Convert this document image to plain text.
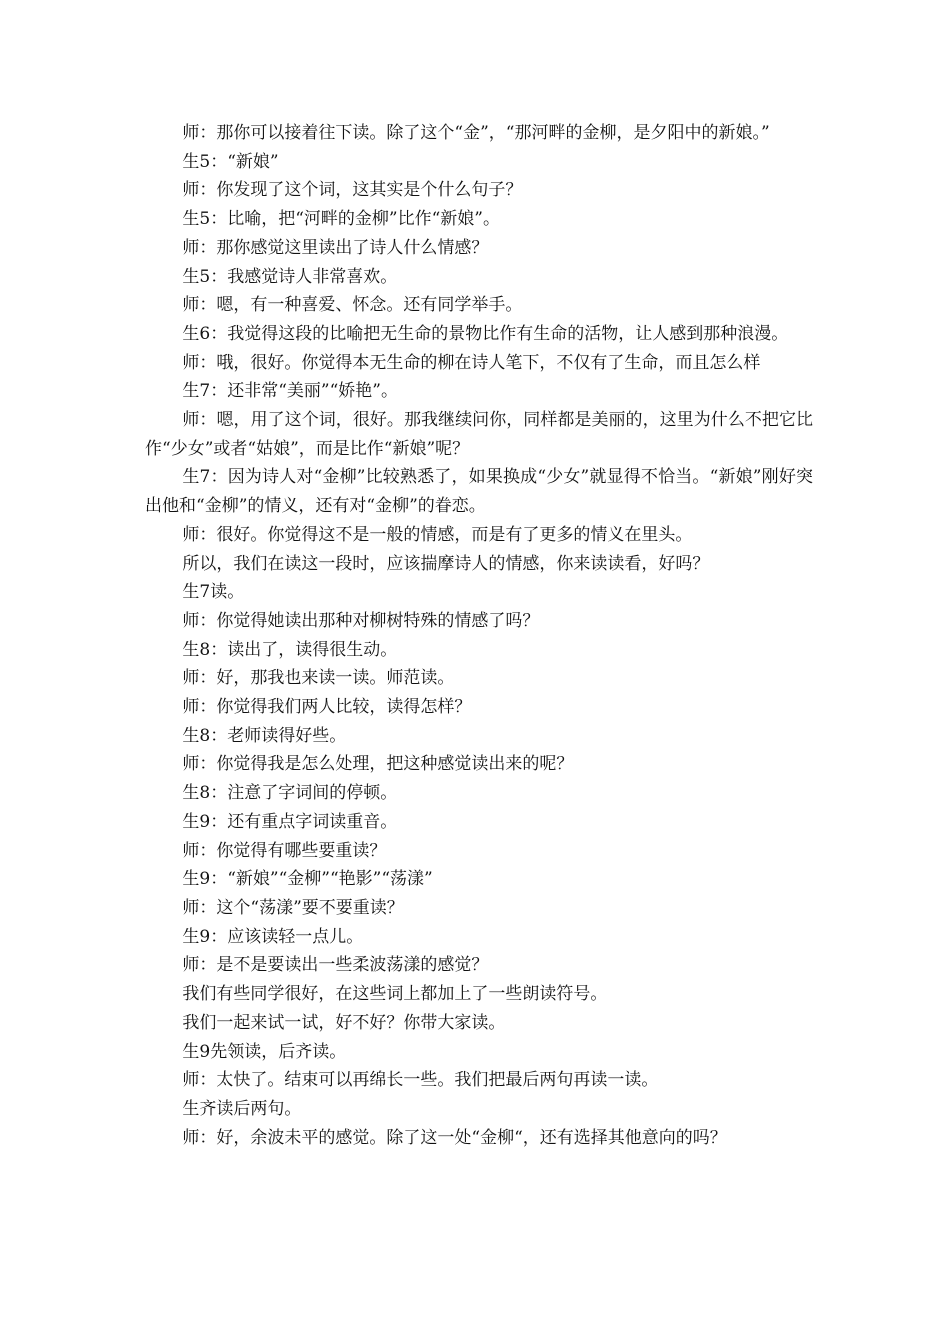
师：那你可以接着往下读。除了这个“金”，“那河畔的金柳，是夕阳中的新娘。”

生5：“新娘”

师：你发现了这个词，这其实是个什么句子？

生5：比喻，把“河畔的金柳”比作“新娘”。

师：那你感觉这里读出了诗人什么情感？

生5：我感觉诗人非常喜欢。

师：嗯，有一种喜爱、怀念。还有同学举手。

生6：我觉得这段的比喻把无生命的景物比作有生命的活物，让人感到那种浪漫。

师：哦，很好。你觉得本无生命的柳在诗人笔下，不仅有了生命，而且怎么样

生7：还非常“美丽”“娇艳”。

师：嗯，用了这个词，很好。那我继续问你，同样都是美丽的，这里为什么不把它比作“少女”或者“姑娘”，而是比作“新娘”呢？

生7：因为诗人对“金柳”比较熟悉了，如果换成“少女”就显得不恰当。“新娘”刚好突出他和“金柳”的情义，还有对“金柳”的眷恋。

师：很好。你觉得这不是一般的情感，而是有了更多的情义在里头。

所以，我们在读这一段时，应该揣摩诗人的情感，你来读读看，好吗？

生7读。

师：你觉得她读出那种对柳树特殊的情感了吗？

生8：读出了，读得很生动。

师：好，那我也来读一读。师范读。

师：你觉得我们两人比较，读得怎样？

生8：老师读得好些。

师：你觉得我是怎么处理，把这种感觉读出来的呢？

生8：注意了字词间的停顿。

生9：还有重点字词读重音。

师：你觉得有哪些要重读？

生9：“新娘”“金柳”“艳影”“荡漾”

师：这个“荡漾”要不要重读？

生9：应该读轻一点儿。

师：是不是要读出一些柔波荡漾的感觉？

我们有些同学很好，在这些词上都加上了一些朗读符号。

我们一起来试一试，好不好？你带大家读。

生9先领读，后齐读。

师：太快了。结束可以再绵长一些。我们把最后两句再读一读。

生齐读后两句。

师：好，余波未平的感觉。除了这一处“金柳“，还有选择其他意向的吗？
